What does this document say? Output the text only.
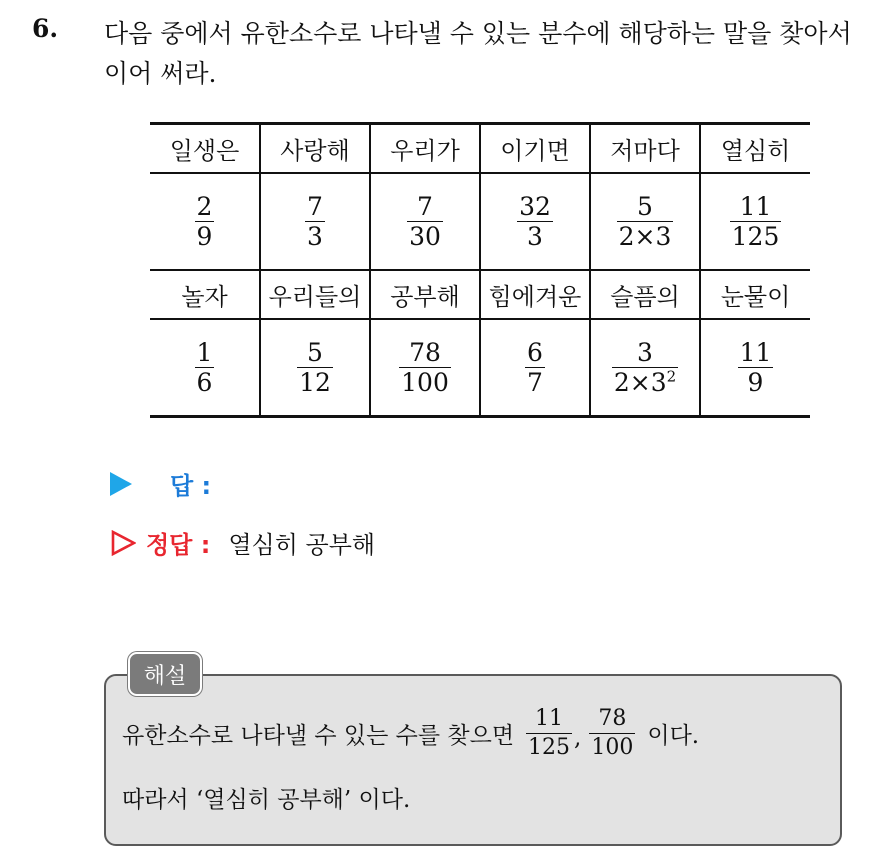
6. 다음 중에서 유한소수로 나타낼 수 있는 분수에 해당하는 말을 찾아서
이어 써라.
일생은	사랑해	우리가	이기면	저마다	열심히

$\frac{2}{9}$	$\frac{7}{3}$	$\frac{7}{30}$	$\frac{32}{3}$	$\frac{5}{2\times 3}$	$\frac{11}{125}$

놀자	우리들의	공부해	힘에겨운	슬픔의	눈물이

$\frac{1}{6}$	$\frac{5}{12}$	$\frac{78}{100}$	$\frac{6}{7}$	$\frac{3}{2\times 3^2}$	$\frac{11}{9}$
답 :
정답 : 열심히 공부해
해설
유한소수로 나타낼 수 있는 수를 찾으면 $\frac{11}{125}$ , $\frac{78}{100}$ 이다.
따라서 ‘열심히 공부해’ 이다.
